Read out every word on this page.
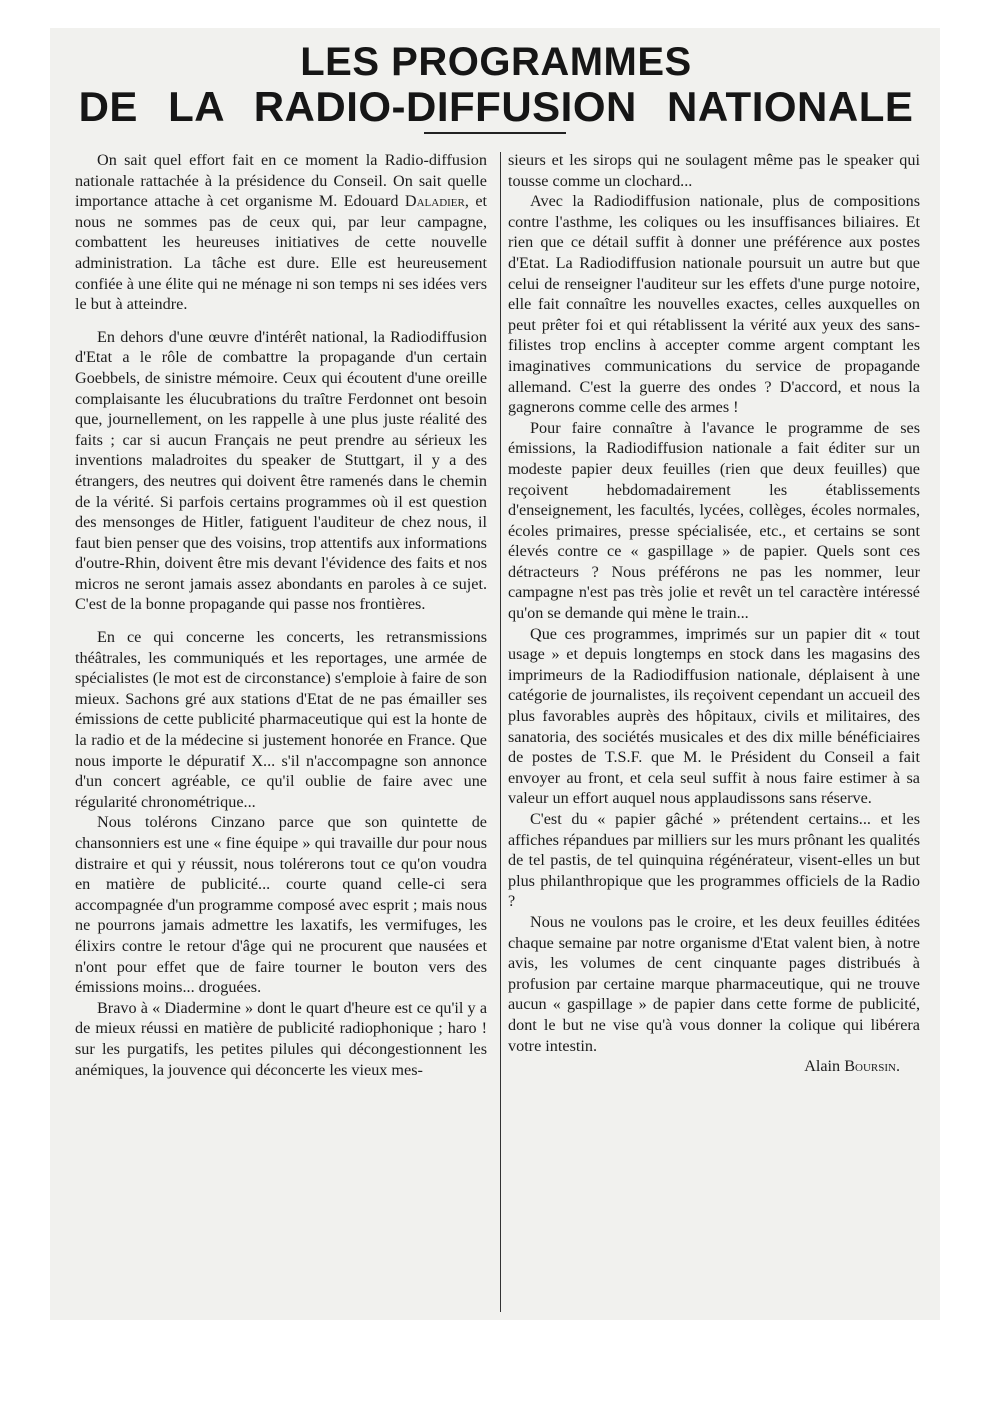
LES PROGRAMMES
DE LA RADIO-DIFFUSION NATIONALE

On sait quel effort fait en ce moment la Radio-diffusion nationale rattachée à la présidence du Conseil. On sait quelle importance attache à cet organisme M. Edouard Daladier, et nous ne sommes pas de ceux qui, par leur campagne, combattent les heureuses initiatives de cette nouvelle administration. La tâche est dure. Elle est heureusement confiée à une élite qui ne ménage ni son temps ni ses idées vers le but à atteindre.

En dehors d'une œuvre d'intérêt national, la Radiodiffusion d'Etat a le rôle de combattre la propagande d'un certain Goebbels, de sinistre mémoire. Ceux qui écoutent d'une oreille complaisante les élucubrations du traître Ferdonnet ont besoin que, journellement, on les rappelle à une plus juste réalité des faits ; car si aucun Français ne peut prendre au sérieux les inventions maladroites du speaker de Stuttgart, il y a des étrangers, des neutres qui doivent être ramenés dans le chemin de la vérité. Si parfois certains programmes où il est question des mensonges de Hitler, fatiguent l'auditeur de chez nous, il faut bien penser que des voisins, trop attentifs aux informations d'outre-Rhin, doivent être mis devant l'évidence des faits et nos micros ne seront jamais assez abondants en paroles à ce sujet. C'est de la bonne propagande qui passe nos frontières.

En ce qui concerne les concerts, les retransmissions théâtrales, les communiqués et les reportages, une armée de spécialistes (le mot est de circonstance) s'emploie à faire de son mieux. Sachons gré aux stations d'Etat de ne pas émailler ses émissions de cette publicité pharmaceutique qui est la honte de la radio et de la médecine si justement honorée en France. Que nous importe le dépuratif X... s'il n'accompagne son annonce d'un concert agréable, ce qu'il oublie de faire avec une régularité chronométrique...

Nous tolérons Cinzano parce que son quintette de chansonniers est une « fine équipe » qui travaille dur pour nous distraire et qui y réussit, nous tolérerons tout ce qu'on voudra en matière de publicité... courte quand celle-ci sera accompagnée d'un programme composé avec esprit ; mais nous ne pourrons jamais admettre les laxatifs, les vermifuges, les élixirs contre le retour d'âge qui ne procurent que nausées et n'ont pour effet que de faire tourner le bouton vers des émissions moins... droguées.

Bravo à « Diadermine » dont le quart d'heure est ce qu'il y a de mieux réussi en matière de publicité radiophonique ; haro ! sur les purgatifs, les petites pilules qui décongestionnent les anémiques, la jouvence qui déconcerte les vieux mes-

sieurs et les sirops qui ne soulagent même pas le speaker qui tousse comme un clochard...

Avec la Radiodiffusion nationale, plus de compositions contre l'asthme, les coliques ou les insuffisances biliaires. Et rien que ce détail suffit à donner une préférence aux postes d'Etat. La Radiodiffusion nationale poursuit un autre but que celui de renseigner l'auditeur sur les effets d'une purge notoire, elle fait connaître les nouvelles exactes, celles auxquelles on peut prêter foi et qui rétablissent la vérité aux yeux des sans-filistes trop enclins à accepter comme argent comptant les imaginatives communications du service de propagande allemand. C'est la guerre des ondes ? D'accord, et nous la gagnerons comme celle des armes !

Pour faire connaître à l'avance le programme de ses émissions, la Radiodiffusion nationale a fait éditer sur un modeste papier deux feuilles (rien que deux feuilles) que reçoivent hebdomadairement les établissements d'enseignement, les facultés, lycées, collèges, écoles normales, écoles primaires, presse spécialisée, etc., et certains se sont élevés contre ce « gaspillage » de papier. Quels sont ces détracteurs ? Nous préférons ne pas les nommer, leur campagne n'est pas très jolie et revêt un tel caractère intéressé qu'on se demande qui mène le train...

Que ces programmes, imprimés sur un papier dit « tout usage » et depuis longtemps en stock dans les magasins des imprimeurs de la Radiodiffusion nationale, déplaisent à une catégorie de journalistes, ils reçoivent cependant un accueil des plus favorables auprès des hôpitaux, civils et militaires, des sanatoria, des sociétés musicales et des dix mille bénéficiaires de postes de T.S.F. que M. le Président du Conseil a fait envoyer au front, et cela seul suffit à nous faire estimer à sa valeur un effort auquel nous applaudissons sans réserve.

C'est du « papier gâché » prétendent certains... et les affiches répandues par milliers sur les murs prônant les qualités de tel pastis, de tel quinquina régénérateur, visent-elles un but plus philanthropique que les programmes officiels de la Radio ?

Nous ne voulons pas le croire, et les deux feuilles éditées chaque semaine par notre organisme d'Etat valent bien, à notre avis, les volumes de cent cinquante pages distribués à profusion par certaine marque pharmaceutique, qui ne trouve aucun « gaspillage » de papier dans cette forme de publicité, dont le but ne vise qu'à vous donner la colique qui libérera votre intestin.

Alain Boursin.
